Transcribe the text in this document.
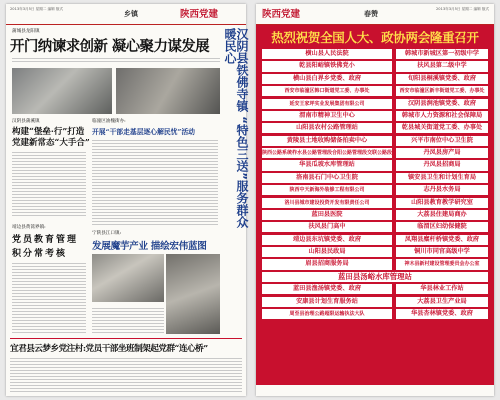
2013年3月5日 星期二 编辑 版式
乡镇	陕西党建
蒲城县龙阳镇
开门纳谏求创新 凝心聚力谋发展	汉阴县铁佛寺镇 “特色三送”服务群众暖民心
汉阴县蒲溪镇
构建“堡垒·行”打造
党建新常态“大手合”
临潼区油槐街办:
开展“干部走基层逐心解民忧”活动
靖边县黄蒿界镇:
党员教育管理
积分常考核
宁陕县江口镇:
发展魔芋产业 描绘宏伟蓝图
宜君县云梦乡党注村:党员干部坐班制架起党群“连心桥”
陕西党建	春赞
2013年3月5日 星期二 编辑 版式
热烈祝贺全国人大、政协两会隆重召开
横山县人民法院	韩城市新城区第一初级中学
乾县阳峪镇铁佛党小	扶风县第二级中学
横山县白界乡党委、政府	旬阳县桐溪镇党委、政府
西安市临潼区韩口街道党工委、办事处	西安市临潼区新丰街道党工委、办事处
延安王家坪实业发展集团有限公司	汉阴县涧池镇党委、政府
渭南市精神卫生中心	韩城市人力资源和社会保障局
山阳县农村公路管理站	乾县城关街道党工委、办事处
黄陵县土地收购储备拍卖中心	兴平市南位中心卫生院
陕西公路系统柞水县公路管理段合阳公路管理段交联公路段	丹凤县房产局
华县瓜坡水库管理站	丹凤县招商局
洛南县石门中心卫生院	镇安县卫生和计划生育局
陕西中天新海外装修工程有限公司	志丹县水务局
洛川县城市建设投资开发有限责任公司	山阳县教育教学研究室
蓝田县医院	大荔县住建局商办
扶风县门高中	临渭区妇幼保健院
靖边县东坑镇党委、政府	凤翔县糜杆桥镇党委、政府
山阳县民政局	铜川市同官高级中学
眉县招商服务局	神木县新村建设管理委员会办公室
蓝田县汤峪水库管理站
蓝田县渔汤镇党委、政府	华县林业工作站
安康县计划生育服务站	大荔县卫生产业局
周至县治理公路超限运输执法大队	华县杏林镇党委、政府
